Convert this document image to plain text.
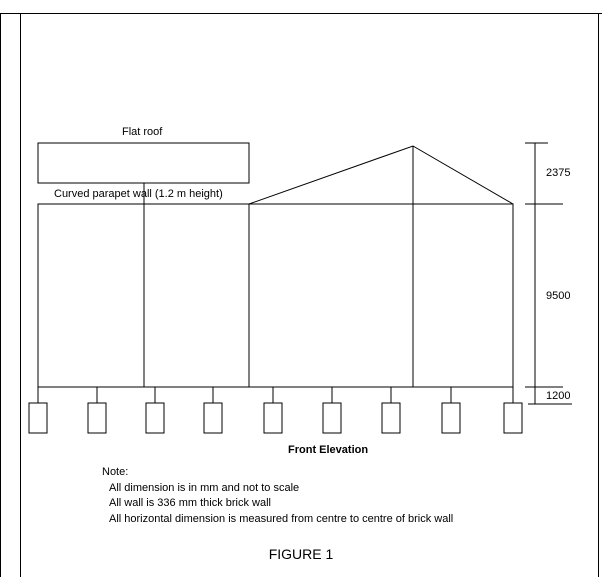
Flat roof
Curved parapet wall (1.2 m height)
2375
9500
1200
Front Elevation
Note:
All dimension is in mm and not to scale
All wall is 336 mm thick brick wall
All horizontal dimension is measured from centre to centre of brick wall
FIGURE 1
